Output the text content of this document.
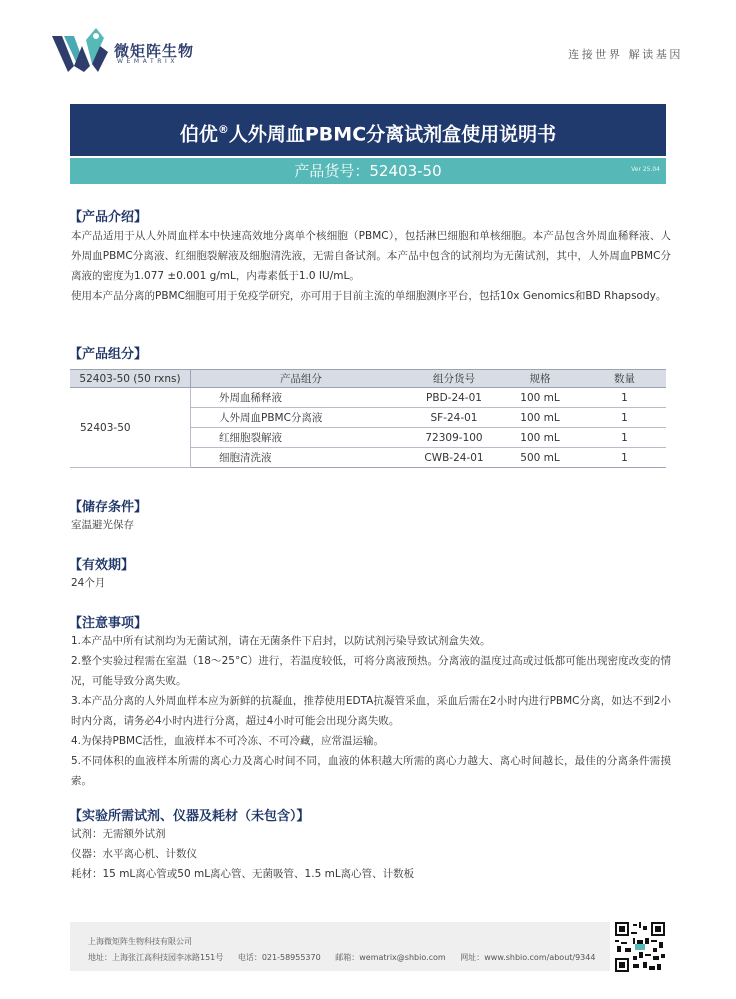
微矩阵生物
WEMATRIX
连接世界 解读基因
伯优®人外周血PBMC分离试剂盒使用说明书
产品货号：52403-50	Ver 25.04
【产品介绍】

本产品适用于从人外周血样本中快速高效地分离单个核细胞（PBMC），包括淋巴细胞和单核细胞。本产品包含外周血稀释液、人外周血PBMC分离液、红细胞裂解液及细胞清洗液，无需自备试剂。本产品中包含的试剂均为无菌试剂，其中，人外周血PBMC分离液的密度为1.077 ±0.001 g/mL，内毒素低于1.0 IU/mL。

使用本产品分离的PBMC细胞可用于免疫学研究，亦可用于目前主流的单细胞测序平台，包括10x Genomics和BD Rhapsody。

【产品组分】
52403-50 (50 rxns)	产品组分	组分货号	规格	数量
52403-50	外周血稀释液	PBD-24-01	100 mL	1
	人外周血PBMC分离液	SF-24-01	100 mL	1
	红细胞裂解液	72309-100	100 mL	1
	细胞清洗液	CWB-24-01	500 mL	1
【储存条件】
室温避光保存
【有效期】
24个月
【注意事项】

1.本产品中所有试剂均为无菌试剂，请在无菌条件下启封，以防试剂污染导致试剂盒失效。

2.整个实验过程需在室温（18～25°C）进行，若温度较低，可将分离液预热。分离液的温度过高或过低都可能出现密度改变的情况，可能导致分离失败。

3.本产品分离的人外周血样本应为新鲜的抗凝血，推荐使用EDTA抗凝管采血，采血后需在2小时内进行PBMC分离，如达不到2小时内分离，请务必4小时内进行分离，超过4小时可能会出现分离失败。

4.为保持PBMC活性，血液样本不可冷冻、不可冷藏，应常温运输。

5.不同体积的血液样本所需的离心力及离心时间不同，血液的体积越大所需的离心力越大、离心时间越长，最佳的分离条件需摸索。

【实验所需试剂、仪器及耗材（未包含）】

试剂：无需额外试剂

仪器：水平离心机、计数仪

耗材：15 mL离心管或50 mL离心管、无菌吸管、1.5 mL离心管、计数板

上海微矩阵生物科技有限公司
地址：上海张江高科技园李冰路151号 电话：021-58955370 邮箱：wematrix@shbio.com 网址：www.shbio.com/about/9344
